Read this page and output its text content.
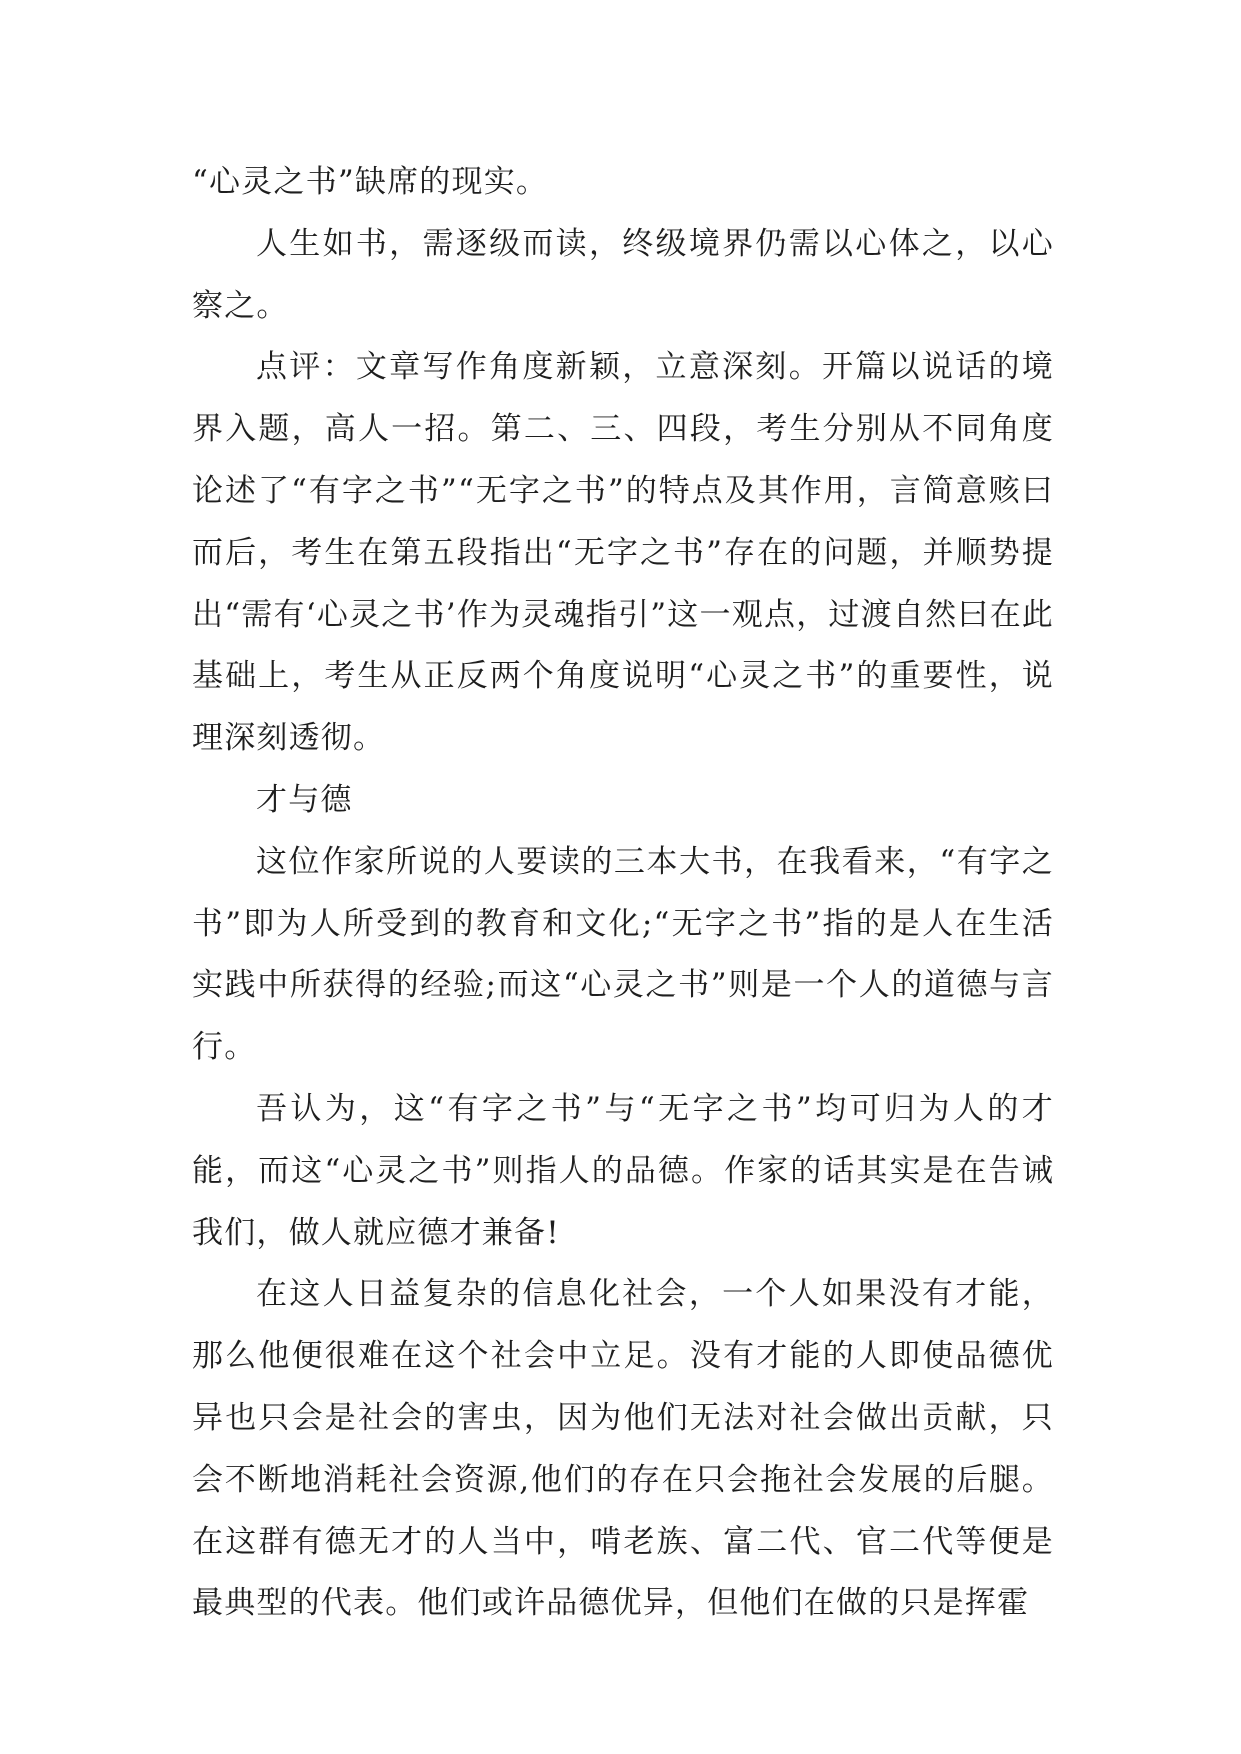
“心灵之书”缺席的现实。

人生如书，需逐级而读，终级境界仍需以心体之，以心察之。

点评：文章写作角度新颖，立意深刻。开篇以说话的境界入题，高人一招。第二、三、四段，考生分别从不同角度论述了“有字之书”“无字之书”的特点及其作用，言简意赅曰而后，考生在第五段指出“无字之书”存在的问题，并顺势提出“需有‘心灵之书’作为灵魂指引”这一观点，过渡自然曰在此基础上，考生从正反两个角度说明“心灵之书”的重要性，说理深刻透彻。

才与德

这位作家所说的人要读的三本大书，在我看来，“有字之书”即为人所受到的教育和文化;“无字之书”指的是人在生活实践中所获得的经验;而这“心灵之书”则是一个人的道德与言行。

吾认为，这“有字之书”与“无字之书”均可归为人的才能，而这“心灵之书”则指人的品德。作家的话其实是在告诫我们，做人就应德才兼备!

在这人日益复杂的信息化社会，一个人如果没有才能，那么他便很难在这个社会中立足。没有才能的人即使品德优异也只会是社会的害虫，因为他们无法对社会做出贡献，只会不断地消耗社会资源,他们的存在只会拖社会发展的后腿。在这群有德无才的人当中，啃老族、富二代、官二代等便是最典型的代表。他们或许品德优异，但他们在做的只是挥霍
